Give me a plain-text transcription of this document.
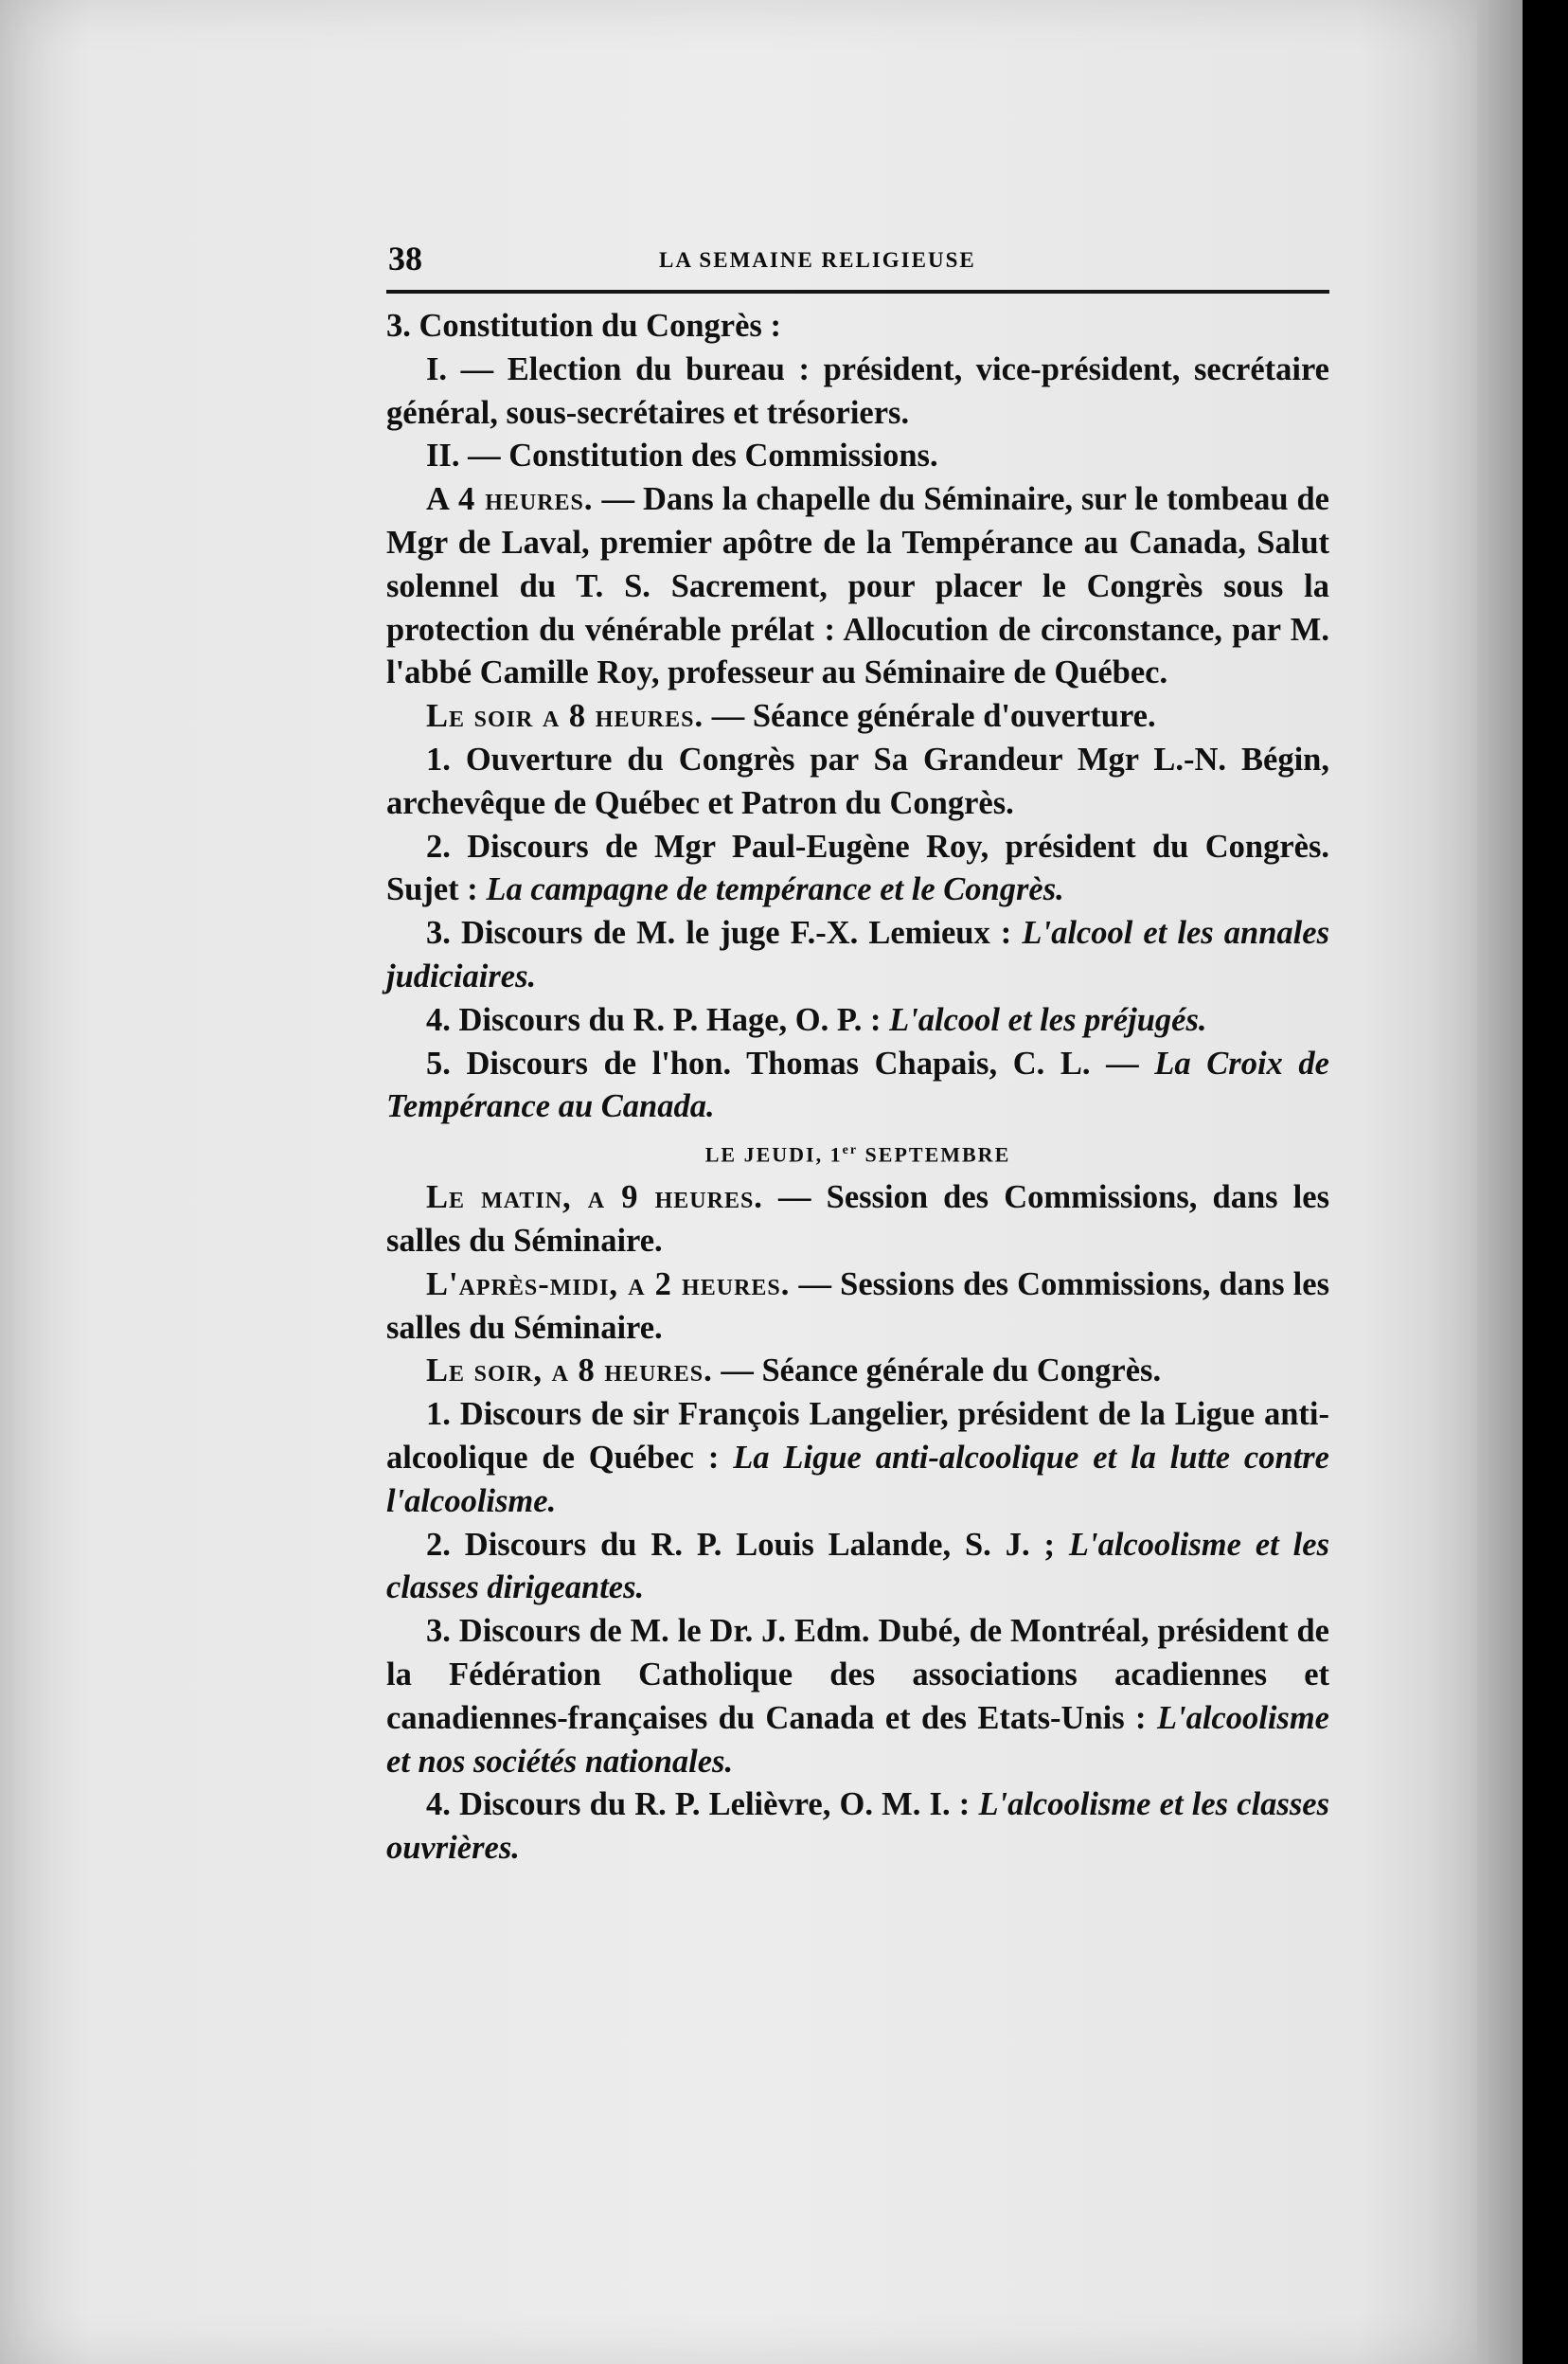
38	LA SEMAINE RELIGIEUSE

3. Constitution du Congrès :

I. — Election du bureau : président, vice-président, secrétaire général, sous-secrétaires et trésoriers.

II. — Constitution des Commissions.

A 4 heures. — Dans la chapelle du Séminaire, sur le tombeau de Mgr de Laval, premier apôtre de la Tempérance au Canada, Salut solennel du T. S. Sacrement, pour placer le Congrès sous la protection du vénérable prélat : Allocution de circonstance, par M. l'abbé Camille Roy, professeur au Séminaire de Québec.

Le soir a 8 heures. — Séance générale d'ouverture.

1. Ouverture du Congrès par Sa Grandeur Mgr L.-N. Bégin, archevêque de Québec et Patron du Congrès.

2. Discours de Mgr Paul-Eugène Roy, président du Congrès. Sujet : La campagne de tempérance et le Congrès.

3. Discours de M. le juge F.-X. Lemieux : L'alcool et les annales judiciaires.

4. Discours du R. P. Hage, O. P. : L'alcool et les préjugés.

5. Discours de l'hon. Thomas Chapais, C. L. — La Croix de Tempérance au Canada.

LE JEUDI, 1er SEPTEMBRE

Le matin, a 9 heures. — Session des Commissions, dans les salles du Séminaire.

L'après-midi, a 2 heures. — Sessions des Commissions, dans les salles du Séminaire.

Le soir, a 8 heures. — Séance générale du Congrès.

1. Discours de sir François Langelier, président de la Ligue anti-alcoolique de Québec : La Ligue anti-alcoolique et la lutte contre l'alcoolisme.

2. Discours du R. P. Louis Lalande, S. J. ; L'alcoolisme et les classes dirigeantes.

3. Discours de M. le Dr. J. Edm. Dubé, de Montréal, président de la Fédération Catholique des associations acadiennes et canadiennes-françaises du Canada et des Etats-Unis : L'alcoolisme et nos sociétés nationales.

4. Discours du R. P. Lelièvre, O. M. I. : L'alcoolisme et les classes ouvrières.
